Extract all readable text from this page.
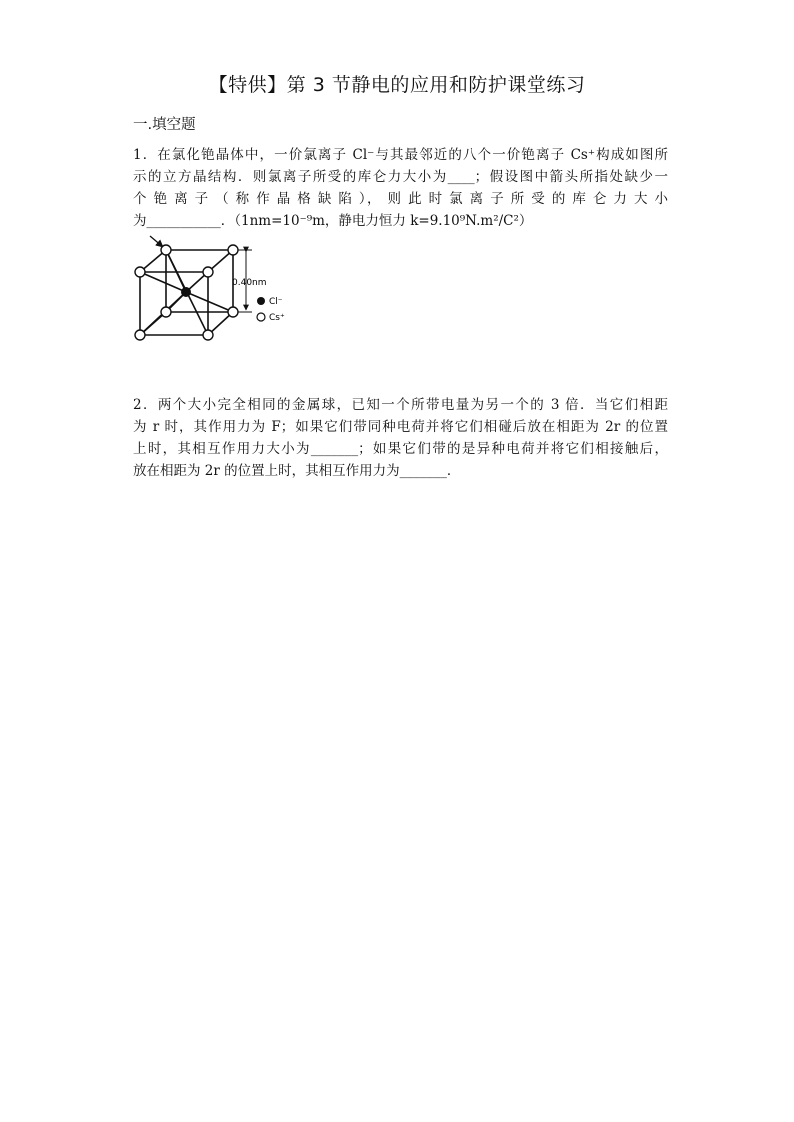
【特供】第 3 节静电的应用和防护课堂练习
一.填空题

1．在氯化铯晶体中，一价氯离子 Cl⁻与其最邻近的八个一价铯离子 Cs⁺构成如图所

示的立方晶结构．则氯离子所受的库仑力大小为____；假设图中箭头所指处缺少一

个 铯 离 子 （ 称 作 晶 格 缺 陷 ）， 则 此 时 氯 离 子 所 受 的 库 仑 力 大 小

为___________．（1nm=10⁻⁹m，静电力恒力 k=9.10⁹N.m²/C²）

0.40nm
Cl⁻
Cs⁺

2．两个大小完全相同的金属球，已知一个所带电量为另一个的 3 倍．当它们相距

为 r 时，其作用力为 F；如果它们带同种电荷并将它们相碰后放在相距为 2r 的位置

上时，其相互作用力大小为_______；如果它们带的是异种电荷并将它们相接触后，

放在相距为 2r 的位置上时，其相互作用力为_______．
